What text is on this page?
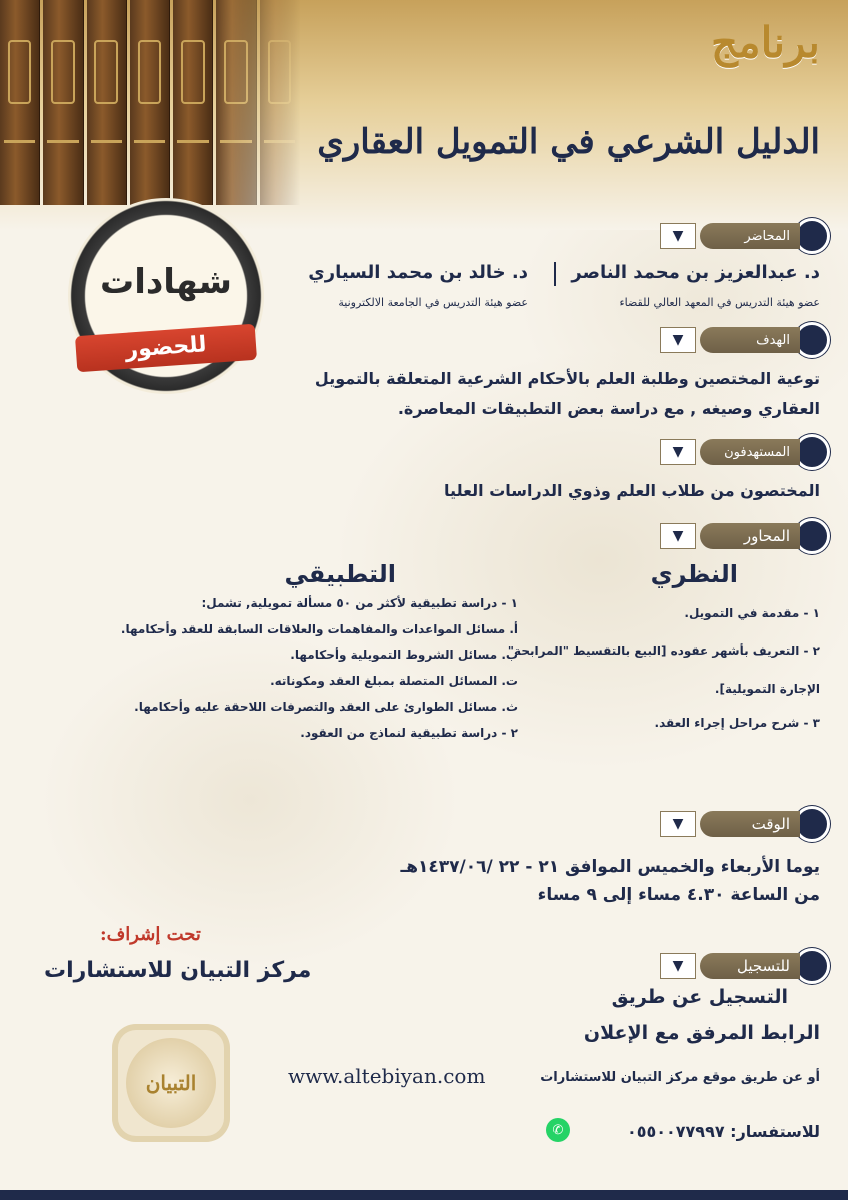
برنامج
الدليل الشرعي في التمويل العقاري
شهادات
للحضور
المحاضر
▼
د. عبدالعزيز بن محمد الناصر
عضو هيئة التدريس في المعهد العالي للقضاء
د. خالد بن محمد السياري
عضو هيئة التدريس في الجامعة الالكترونية
الهدف
▼
توعية المختصين وطلبة العلم بالأحكام الشرعية المتعلقة بالتمويل
العقاري وصيغه , مع دراسة بعض التطبيقات المعاصرة.
المستهدفون
▼
المختصون من طلاب العلم وذوي الدراسات العليا
المحاور
▼
النظري
١ - مقدمة في التمويل.
٢ - التعريف بأشهر عقوده [البيع بالتقسيط "المرابحة"
الإجارة التمويلية].
٣ - شرح مراحل إجراء العقد.
التطبيقي
١ - دراسة تطبيقية لأكثر من ٥٠ مسألة تمويلية, تشمل:
أ. مسائل المواعدات والمفاهمات والعلاقات السابقة للعقد وأحكامها.
ب. مسائل الشروط التمويلية وأحكامها.
ت. المسائل المتصلة بمبلغ العقد ومكوناته.
ث. مسائل الطوارئ على العقد والتصرفات اللاحقة عليه وأحكامها.
٢ - دراسة تطبيقية لنماذج من العقود.
الوقت
▼
يوما الأربعاء والخميس الموافق ٢١ - ٢٢ /١٤٣٧/٠٦هـ
من الساعة ٤.٣٠ مساء إلى ٩ مساء
تحت إشراف:
مركز التبيان للاستشارات	للتسجيل
▼
التسجيل عن طريق
الرابط المرفق مع الإعلان
أو عن طريق موقع مركز التبيان للاستشارات
www.altebiyan.com
التبيان
✆	للاستفسار: ٠٥٥٠٠٧٧٩٩٧
